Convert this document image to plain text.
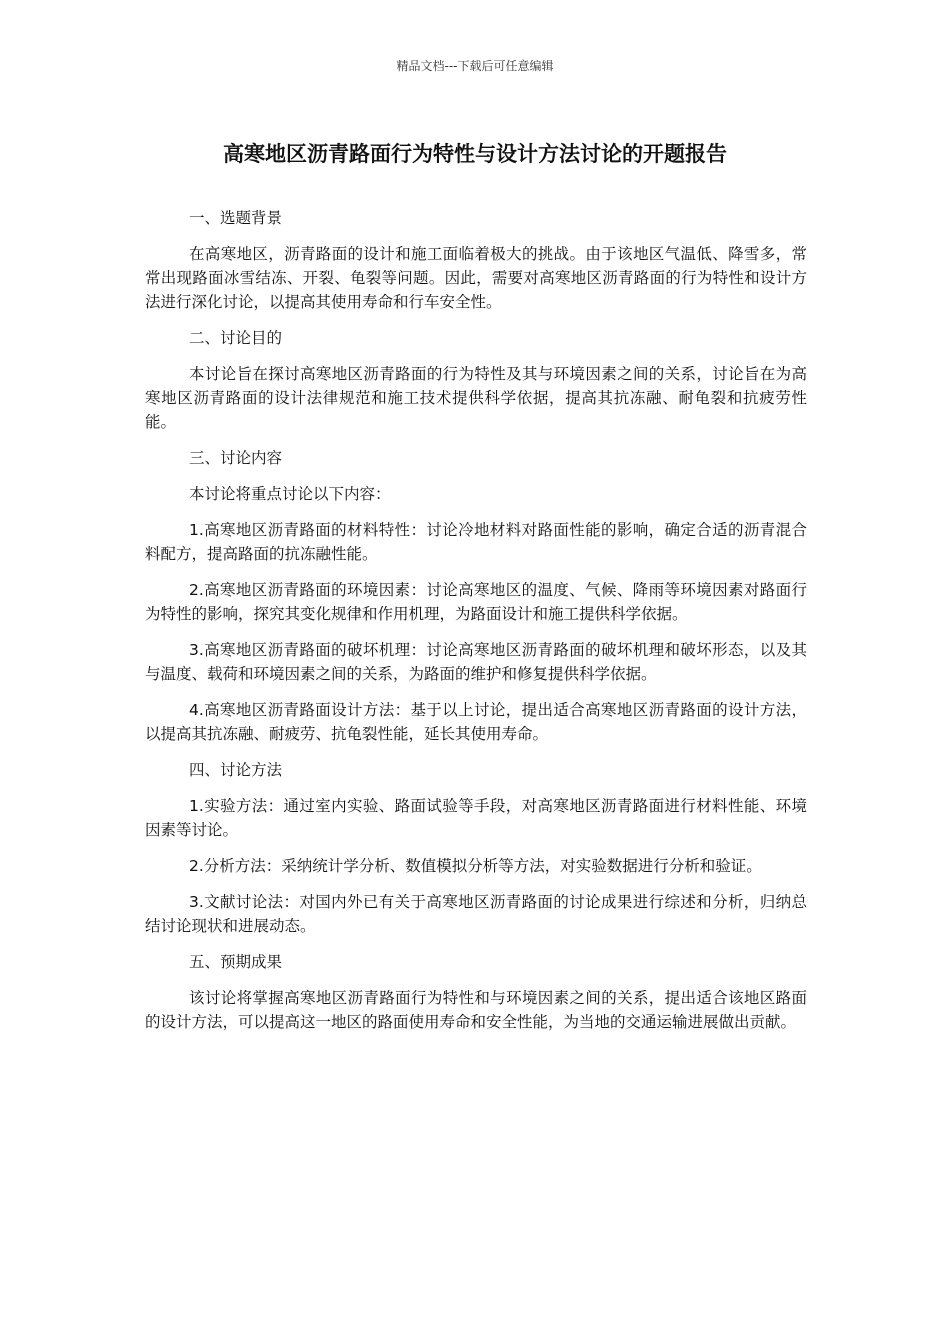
精品文档---下载后可任意编辑
高寒地区沥青路面行为特性与设计方法讨论的开题报告

一、选题背景

在高寒地区，沥青路面的设计和施工面临着极大的挑战。由于该地区气温低、降雪多，常常出现路面冰雪结冻、开裂、龟裂等问题。因此，需要对高寒地区沥青路面的行为特性和设计方法进行深化讨论，以提高其使用寿命和行车安全性。

二、讨论目的

本讨论旨在探讨高寒地区沥青路面的行为特性及其与环境因素之间的关系，讨论旨在为高寒地区沥青路面的设计法律规范和施工技术提供科学依据，提高其抗冻融、耐龟裂和抗疲劳性能。

三、讨论内容

本讨论将重点讨论以下内容：

1.高寒地区沥青路面的材料特性：讨论冷地材料对路面性能的影响，确定合适的沥青混合料配方，提高路面的抗冻融性能。

2.高寒地区沥青路面的环境因素：讨论高寒地区的温度、气候、降雨等环境因素对路面行为特性的影响，探究其变化规律和作用机理，为路面设计和施工提供科学依据。

3.高寒地区沥青路面的破坏机理：讨论高寒地区沥青路面的破坏机理和破坏形态，以及其与温度、载荷和环境因素之间的关系，为路面的维护和修复提供科学依据。

4.高寒地区沥青路面设计方法：基于以上讨论，提出适合高寒地区沥青路面的设计方法，以提高其抗冻融、耐疲劳、抗龟裂性能，延长其使用寿命。

四、讨论方法

1.实验方法：通过室内实验、路面试验等手段，对高寒地区沥青路面进行材料性能、环境因素等讨论。

2.分析方法：采纳统计学分析、数值模拟分析等方法，对实验数据进行分析和验证。

3.文献讨论法：对国内外已有关于高寒地区沥青路面的讨论成果进行综述和分析，归纳总结讨论现状和进展动态。

五、预期成果

该讨论将掌握高寒地区沥青路面行为特性和与环境因素之间的关系，提出适合该地区路面的设计方法，可以提高这一地区的路面使用寿命和安全性能，为当地的交通运输进展做出贡献。
